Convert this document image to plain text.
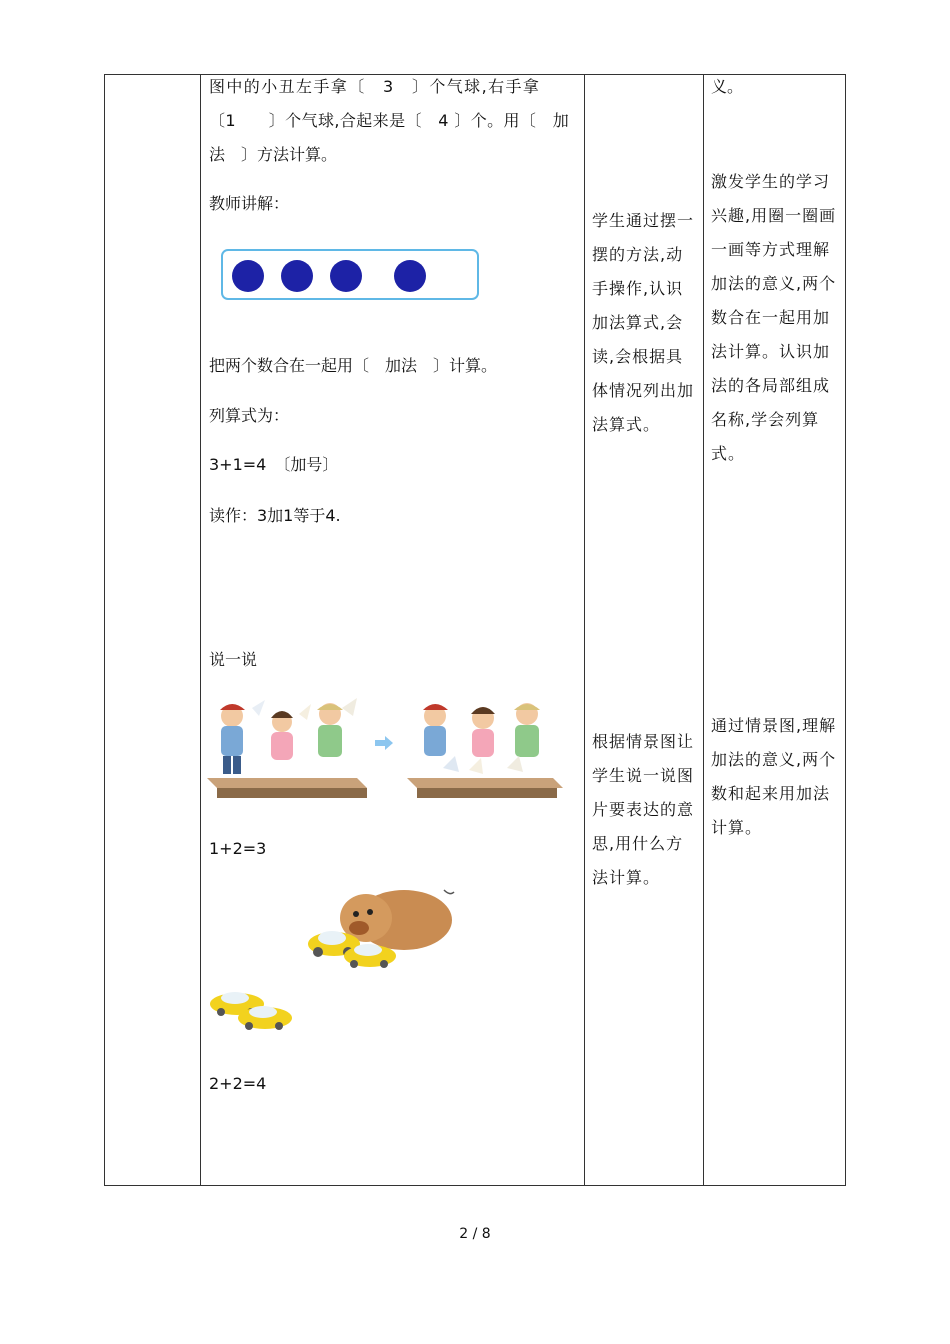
图中的小丑左手拿〔　3　〕个气球,右手拿
〔1　　〕个气球,合起来是〔　4 〕个。用〔　加
法　〕方法计算。
教师讲解：
把两个数合在一起用〔　加法　〕计算。
列算式为：
3+1=4　〔加号〕
读作：3加1等于4.
说一说
1+2=3
2+2=4
学生通过摆一摆的方法,动手操作,认识加法算式,会读,会根据具体情况列出加法算式。
根据情景图让学生说一说图片要表达的意思,用什么方法计算。
义。
激发学生的学习兴趣,用圈一圈画一画等方式理解加法的意义,两个数合在一起用加法计算。认识加法的各局部组成名称,学会列算式。
通过情景图,理解加法的意义,两个数和起来用加法计算。
2 / 8
